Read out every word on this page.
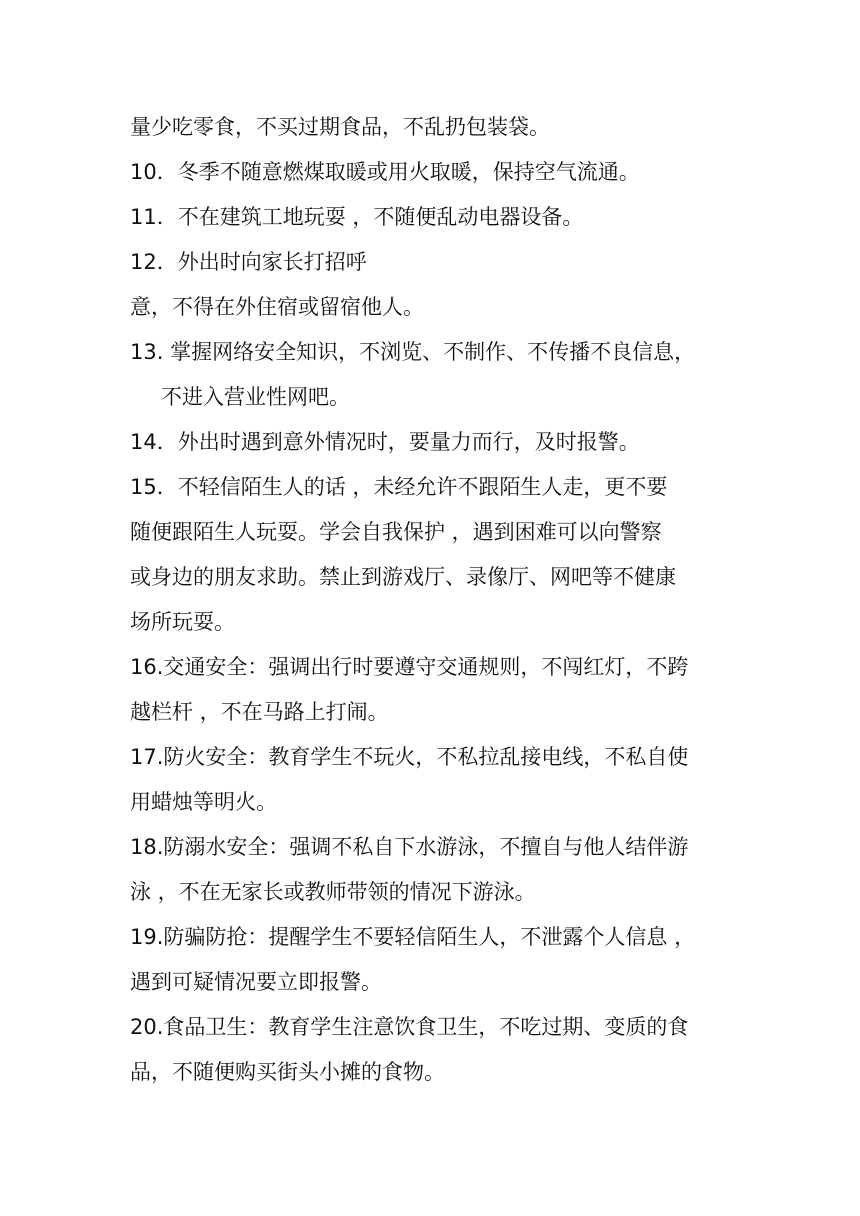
量少吃零食，不买过期食品，不乱扔包装袋。
10．冬季不随意燃煤取暖或用火取暖，保持空气流通。
11．不在建筑工地玩耍 ，不随便乱动电器设备。
12．外出时向家长打招呼
意，不得在外住宿或留宿他人。
13. 掌握网络安全知识，不浏览、不制作、不传播不良信息，
不进入营业性网吧。
14．外出时遇到意外情况时，要量力而行，及时报警。
15．不轻信陌生人的话 ，未经允许不跟陌生人走，更不要
随便跟陌生人玩耍。学会自我保护 ，遇到困难可以向警察
或身边的朋友求助。禁止到游戏厅、录像厅、网吧等不健康
场所玩耍。
16.交通安全：强调出行时要遵守交通规则，不闯红灯，不跨
越栏杆 ，不在马路上打闹。
17.防火安全：教育学生不玩火，不私拉乱接电线，不私自使
用蜡烛等明火。
18.防溺水安全：强调不私自下水游泳，不擅自与他人结伴游
泳 ，不在无家长或教师带领的情况下游泳。
19.防骗防抢：提醒学生不要轻信陌生人，不泄露个人信息 ，
遇到可疑情况要立即报警。
20.食品卫生：教育学生注意饮食卫生，不吃过期、变质的食
品，不随便购买街头小摊的食物。
